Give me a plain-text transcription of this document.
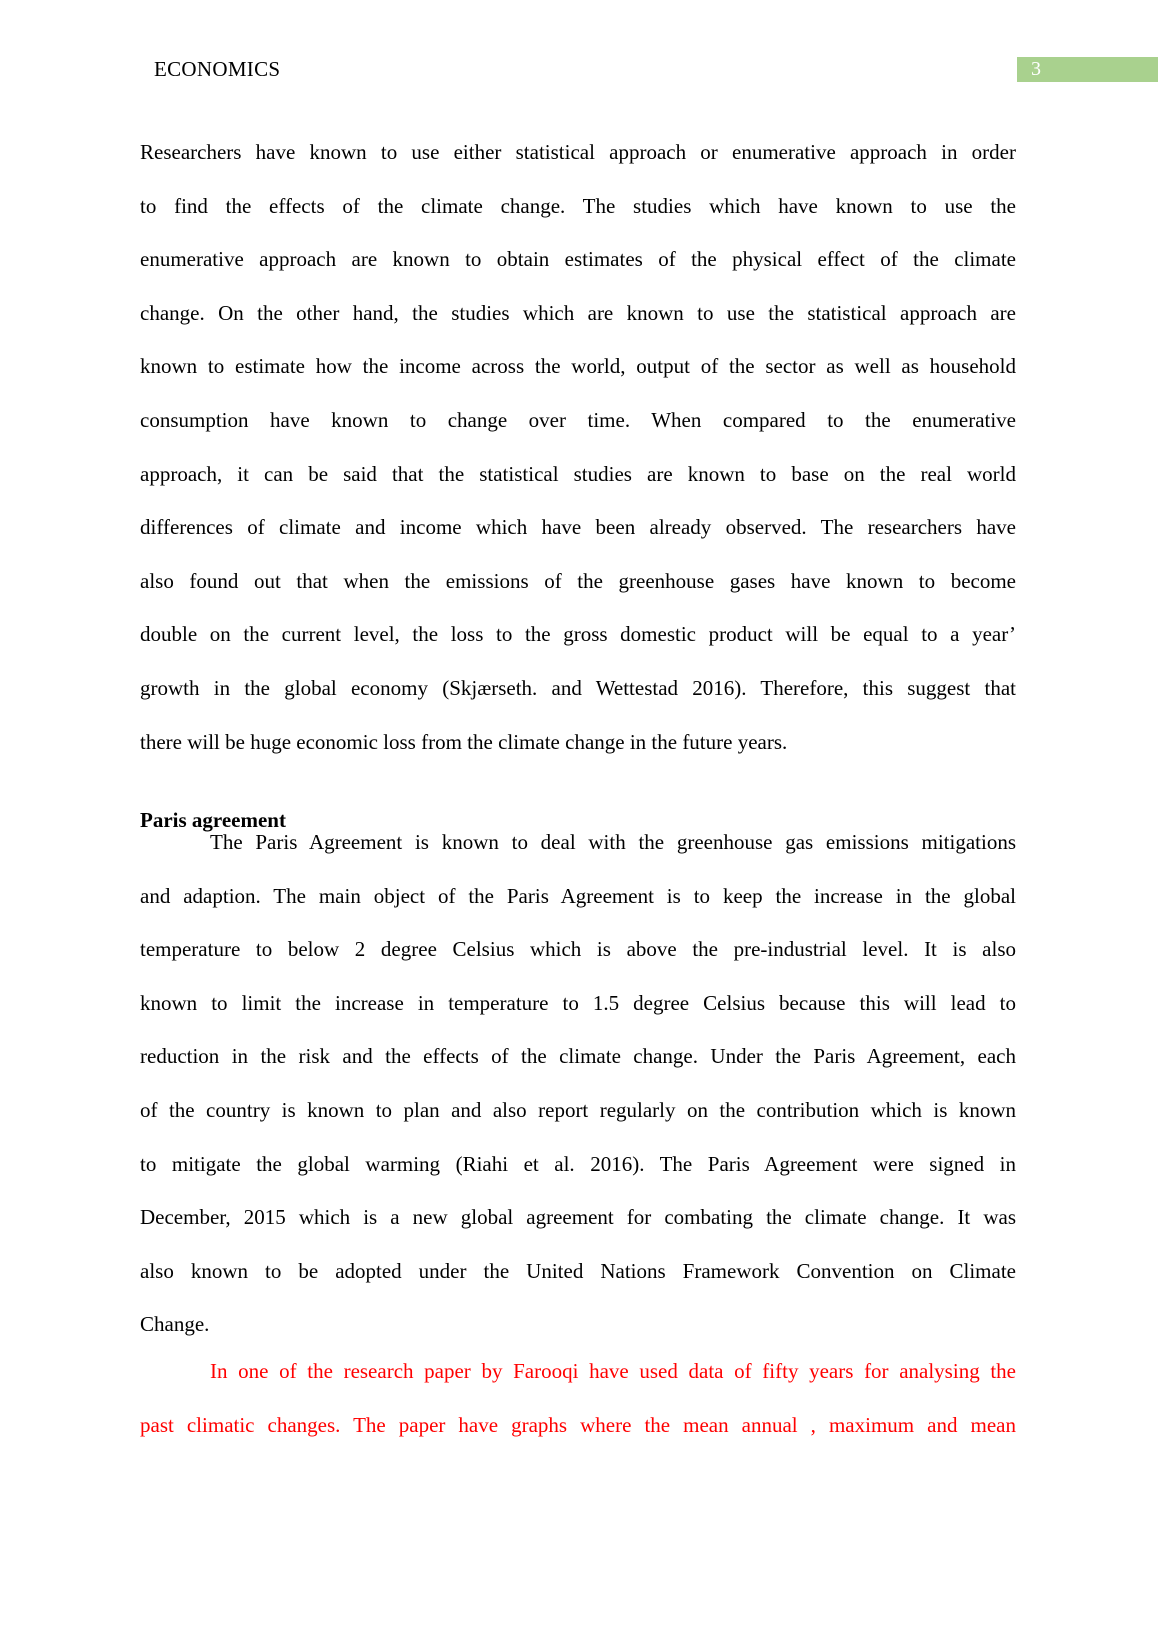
ECONOMICS	3
Researchers have known to use either statistical approach or enumerative approach in order
to find the effects of the climate change. The studies which have known to use the
enumerative approach are known to obtain estimates of the physical effect of the climate
change. On the other hand, the studies which are known to use the statistical approach are
known to estimate how the income across the world, output of the sector as well as household
consumption have known to change over time. When compared to the enumerative
approach, it can be said that the statistical studies are known to base on the real world
differences of climate and income which have been already observed. The researchers have
also found out that when the emissions of the greenhouse gases have known to become
double on the current level, the loss to the gross domestic product will be equal to a year’
growth in the global economy (Skjærseth. and Wettestad 2016). Therefore, this suggest that
there will be huge economic loss from the climate change in the future years.
Paris agreement
The Paris Agreement is known to deal with the greenhouse gas emissions mitigations
and adaption. The main object of the Paris Agreement is to keep the increase in the global
temperature to below 2 degree Celsius which is above the pre-industrial level. It is also
known to limit the increase in temperature to 1.5 degree Celsius because this will lead to
reduction in the risk and the effects of the climate change. Under the Paris Agreement, each
of the country is known to plan and also report regularly on the contribution which is known
to mitigate the global warming (Riahi et al. 2016). The Paris Agreement were signed in
December, 2015 which is a new global agreement for combating the climate change. It was
also known to be adopted under the United Nations Framework Convention on Climate
Change.
In one of the research paper by Farooqi have used data of fifty years for analysing the
past climatic changes. The paper have graphs where the mean annual , maximum and mean
